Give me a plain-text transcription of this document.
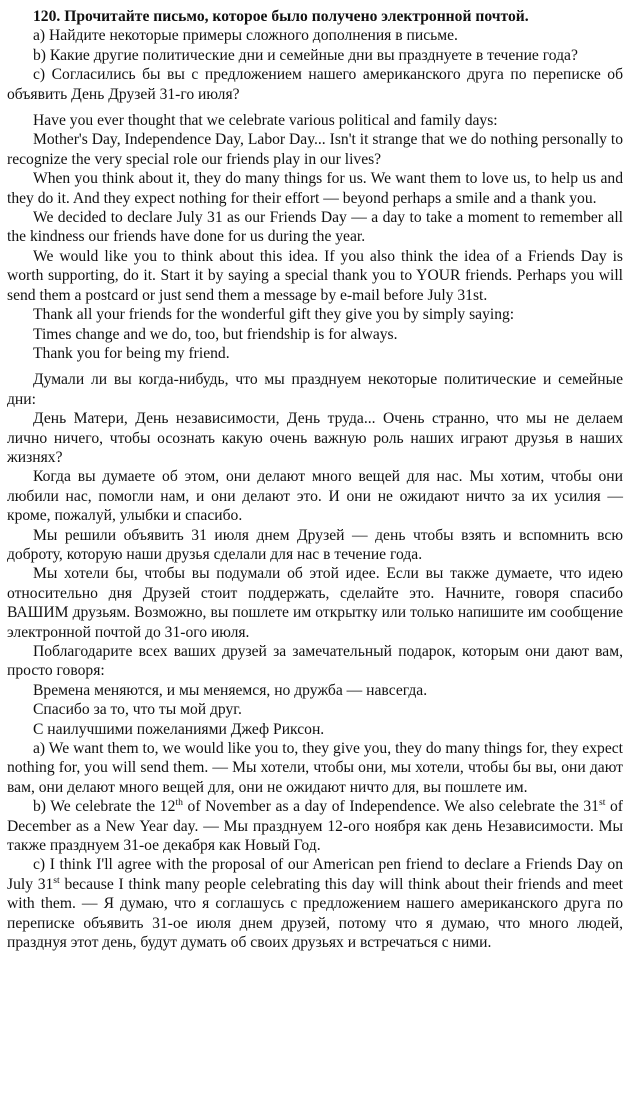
120. Прочитайте письмо, которое было получено электронной почтой.

a) Найдите некоторые примеры сложного дополнения в письме.

b) Какие другие политические дни и семейные дни вы празднуете в течение года?

c) Согласились бы вы с предложением нашего американского друга по переписке об объявить День Друзей 31-го июля?

Have you ever thought that we celebrate various political and family days:

Mother's Day, Independence Day, Labor Day... Isn't it strange that we do nothing personally to recognize the very special role our friends play in our lives?

When you think about it, they do many things for us. We want them to love us, to help us and they do it. And they expect nothing for their effort — beyond perhaps a smile and a thank you.

We decided to declare July 31 as our Friends Day — a day to take a moment to remember all the kindness our friends have done for us during the year.

We would like you to think about this idea. If you also think the idea of a Friends Day is worth supporting, do it. Start it by saying a special thank you to YOUR friends. Perhaps you will send them a postcard or just send them a message by e-mail before July 31st.

Thank all your friends for the wonderful gift they give you by simply saying:

Times change and we do, too, but friendship is for always.

Thank you for being my friend.

Думали ли вы когда-нибудь, что мы празднуем некоторые политические и семейные дни:

День Матери, День независимости, День труда... Очень странно, что мы не делаем лично ничего, чтобы осознать какую очень важную роль наших играют друзья в наших жизнях?

Когда вы думаете об этом, они делают много вещей для нас. Мы хотим, чтобы они любили нас, помогли нам, и они делают это. И они не ожидают ничто за их усилия — кроме, пожалуй, улыбки и спасибо.

Мы решили объявить 31 июля днем Друзей — день чтобы взять и вспомнить всю доброту, которую наши друзья сделали для нас в течение года.

Мы хотели бы, чтобы вы подумали об этой идее. Если вы также думаете, что идею относительно дня Друзей стоит поддержать, сделайте это. Начните, говоря спасибо ВАШИМ друзьям. Возможно, вы пошлете им открытку или только напишите им сообщение электронной почтой до 31-ого июля.

Поблагодарите всех ваших друзей за замечательный подарок, которым они дают вам, просто говоря:

Времена меняются, и мы меняемся, но дружба — навсегда.

Спасибо за то, что ты мой друг.

С наилучшими пожеланиями Джеф Риксон.

a) We want them to, we would like you to, they give you, they do many things for, they expect nothing for, you will send them. — Мы хотели, чтобы они, мы хотели, чтобы бы вы, они дают вам, они делают много вещей для, они не ожидают ничто для, вы пошлете им.

b) We celebrate the 12th of November as a day of Independence. We also celebrate the 31st of December as a New Year day. — Мы празднуем 12-ого ноября как день Независимости. Мы также празднуем 31-ое декабря как Новый Год.

c) I think I'll agree with the proposal of our American pen friend to declare a Friends Day on July 31st because I think many people celebrating this day will think about their friends and meet with them. — Я думаю, что я соглашусь с предложением нашего американского друга по переписке объявить 31-ое июля днем друзей, потому что я думаю, что много людей, празднуя этот день, будут думать об своих друзьях и встречаться с ними.
